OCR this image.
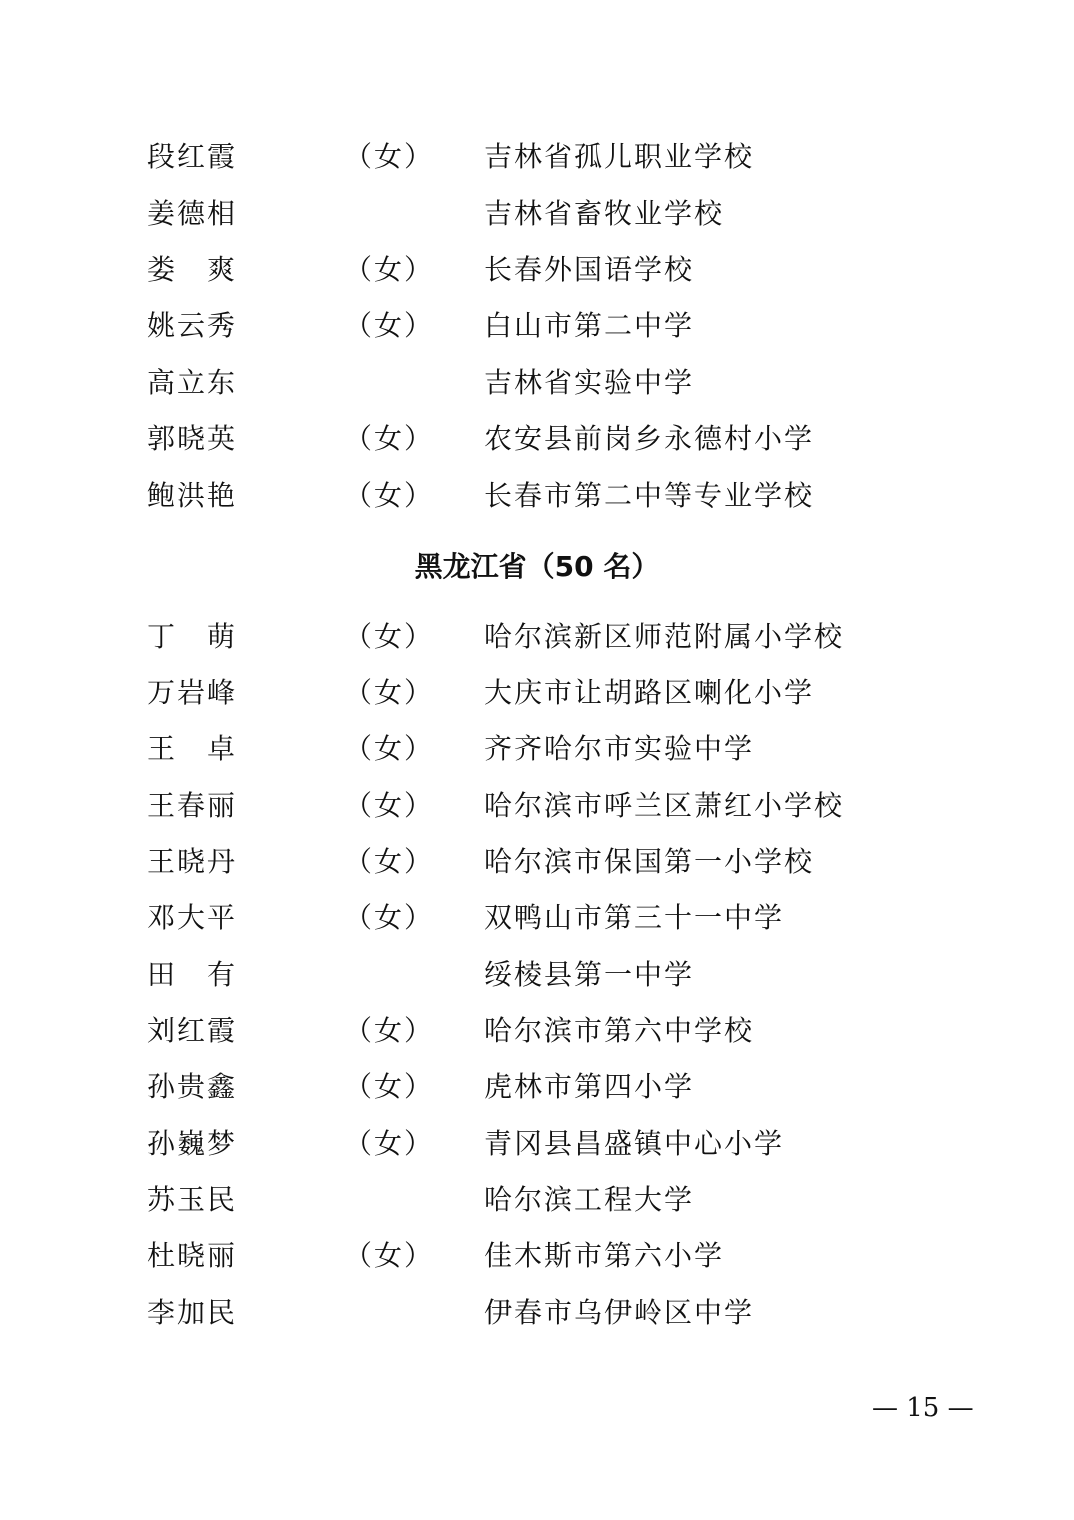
段红霞	（女） 吉林省孤儿职业学校
姜德相	吉林省畜牧业学校
娄　爽	（女） 长春外国语学校
姚云秀	（女） 白山市第二中学
高立东	吉林省实验中学
郭晓英	（女） 农安县前岗乡永德村小学
鲍洪艳	（女） 长春市第二中等专业学校
黑龙江省（50 名）
丁　萌	（女） 哈尔滨新区师范附属小学校
万岩峰	（女） 大庆市让胡路区喇化小学
王　卓	（女） 齐齐哈尔市实验中学
王春丽	（女） 哈尔滨市呼兰区萧红小学校
王晓丹	（女） 哈尔滨市保国第一小学校
邓大平	（女） 双鸭山市第三十一中学
田　有	绥棱县第一中学
刘红霞	（女） 哈尔滨市第六中学校
孙贵鑫	（女） 虎林市第四小学
孙巍梦	（女） 青冈县昌盛镇中心小学
苏玉民	哈尔滨工程大学
杜晓丽	（女） 佳木斯市第六小学
李加民	伊春市乌伊岭区中学
— 15 —
